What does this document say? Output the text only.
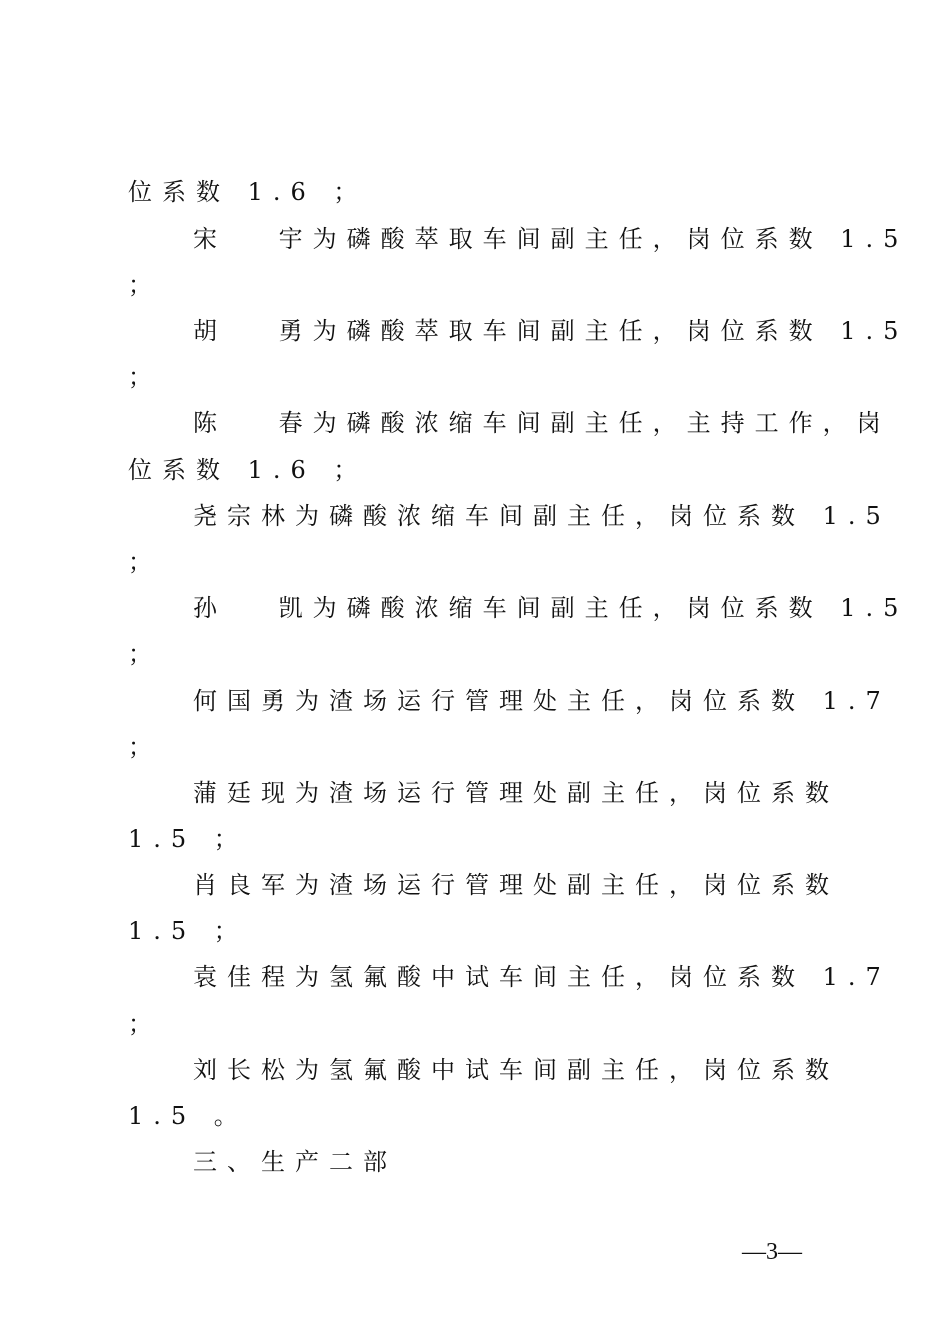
位系数 1.6 ；
宋　 宇为磷酸萃取车间副主任，岗位系数 1.5
；
胡　 勇为磷酸萃取车间副主任，岗位系数 1.5
；
陈　 春为磷酸浓缩车间副主任，主持工作，岗
位系数 1.6 ；
尧宗林为磷酸浓缩车间副主任，岗位系数 1.5
；
孙　 凯为磷酸浓缩车间副主任，岗位系数 1.5
；
何国勇为渣场运行管理处主任，岗位系数 1.7
；
蒲廷现为渣场运行管理处副主任，岗位系数
1.5 ；
肖良军为渣场运行管理处副主任，岗位系数
1.5 ；
袁佳程为氢氟酸中试车间主任，岗位系数 1.7
；
刘长松为氢氟酸中试车间副主任，岗位系数
1.5 。
三、生产二部
—3—
